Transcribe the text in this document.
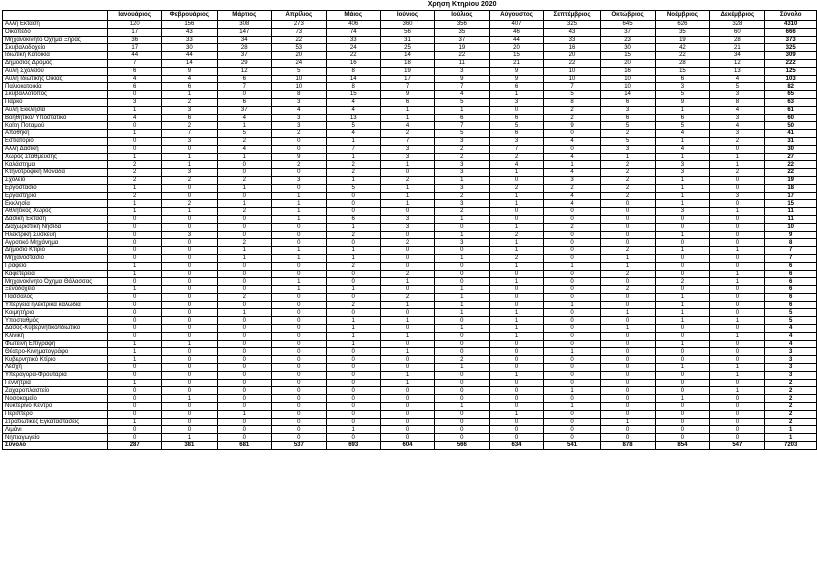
						Χρήση Κτηρίου 2020							
	Ιανουάριος	Φεβρουάριος	Μάρτιος	Απρίλιος	Μάιος	Ιούνιος	Ιούλιος	Αύγουστος	Σεπτέμβριος	Οκτώβριος	Νοέμβριος	Δεκέμβριος	Σύνολο
Άλλη Εκταση	120	156	308	273	406	360	356	407	325	645	626	328	4310
Οικόπεδο	17	43	147	73	74	56	35	46	43	37	35	60	666
Μηχανοκίνητο Όχημα Ξηράς	36	33	34	22	33	31	37	44	33	23	19	28	373
Σκυβαλοδοχείο	17	30	28	53	24	25	19	20	16	30	42	21	325
Ιδιωτική Κατοικία	44	44	37	20	22	14	22	15	20	15	22	34	309
Δημόσιος Δρόμος	7	14	29	24	16	18	11	21	22	20	28	12	222
Αυλή Σχολείου	6	9	12	5	8	19	3	9	10	16	15	13	125
Αυλή Ιδιωτικής Οικίας	4	4	6	10	14	17	9	9	10	10	6	4	103
Παλιοκατοικία	6	6	7	10	8	7	7	6	7	10	3	5	82
Σκυβαλλότοπος	0	1	0	8	15	9	4	1	5	14	5	3	65
Πάρκο	3	2	6	3	4	6	5	3	8	6	9	8	63
Αυλή Εκκλησία	1	3	37	4	4	1	1	0	2	3	1	4	61
Βοηθητικό/ Υποστατικό	4	6	4	3	13	1	6	6	2	6	6	3	60
Κοίτη Ποταμού	0	2	1	3	5	4	7	5	9	5	5	4	50
Αποθήκη	1	7	5	2	4	2	5	6	0	2	4	3	41
Εστιατόριο	0	3	2	0	1	7	3	3	4	5	1	2	31
Άλλη Δασική	0	0	4	0	7	3	2	7	0	3	4	0	30
Χώρος Στάθμευσης	1	1	1	9	1	3	2	2	4	1	1	1	27
Καλάστημα	2	1	0	2	2	1	3	4	1	2	3	1	22
Κτηνοτροφική Μονάδα	2	3	0	0	2	0	3	1	4	2	3	2	22
Σχολείο	2	2	2	3	1	2	1	0	3	2	1	0	19
Εργοστάσιο	1	0	1	0	5	1	3	2	2	2	1	0	18
Εργαστήριο	2	0	0	1	0	1	2	1	4	2	1	3	17
Εκκλησία	1	2	1	1	0	1	3	1	4	0	1	0	15
Αθλητικός Χώρος	1	1	2	1	0	0	2	0	0	0	3	1	11
Δασική Έκταση	0	0	0	1	6	3	1	0	0	0	0	0	11
Διαχωριστική Νησίδα	0	0	0	0	1	3	0	1	2	0	0	0	10
Ηλεκτρική Συσκευή	0	3	0	0	2	0	1	2	0	0	1	0	9
Αγροτικό Μηχάνημα	0	0	2	0	0	2	3	1	0	0	0	0	8
Δημόσιο Κτίριο	0	0	1	1	1	0	0	1	0	2	1	1	7
Μηχανοστάσιο	0	0	1	1	1	0	1	2	0	1	0	0	7
Γραφείο	1	0	0	0	2	0	0	1	1	1	0	0	6
Καφετέρεια	1	0	0	0	0	2	0	0	0	2	0	1	6
Μηχανοκίνητο Όχημα Θάλασσας	0	0	0	1	0	1	0	1	0	0	2	1	6
Ξενοδοχείο	1	0	0	1	1	0	1	0	0	2	0	0	6
Πάσσαλος	0	0	2	0	0	2	1	0	0	0	1	0	6
Υπέργεια ηλεκτρικά καλώδια	0	0	0	0	2	1	1	0	1	0	1	0	6
Κοιμητήριο	0	0	1	0	0	0	1	1	0	1	1	0	5
Υποσταθμός	0	0	0	0	1	1	0	1	0	0	1	1	5
Δάσος-Κυβερνητικό/Ιδιωτικό	0	0	0	0	1	0	1	1	0	1	0	0	4
Κλινική	0	0	0	0	1	1	0	1	0	0	0	1	4
Φωτεινή Επιγραφή	1	1	0	0	1	0	0	0	0	0	1	0	4
Θέατρο-Κινηματογράφο	1	0	0	0	0	1	0	0	1	0	0	0	3
Κυβερνητικό Κτίριο	1	0	0	0	0	0	2	0	0	0	0	0	3
Λέσχη	0	0	0	0	0	0	1	0	0	0	1	1	3
Υπεραγορά-Φρουταρία	0	0	0	0	0	1	0	1	0	0	0	1	3
Γεννήτρια	1	0	0	0	0	1	0	0	0	0	0	0	2
Ζαχαροπλαστείο	0	0	0	0	0	0	0	0	1	0	0	1	2
Νοσοκομείο	0	1	0	0	0	0	0	0	0	0	1	0	2
Νυκτερινό Κέντρο	0	0	0	0	0	0	1	0	1	0	0	0	2
Περίπτερο	0	0	1	0	0	0	0	1	0	0	0	0	2
Στρατιωτικές Εγκαταστάσεις	1	0	0	0	0	0	0	0	0	1	0	0	2
Λιμάνι	0	0	0	0	1	0	0	0	0	0	0	0	1
Νηπιαγωγείο	0	1	0	0	0	0	0	0	0	0	0	0	1
Σύνολο	287	381	681	537	693	604	566	634	541	878	854	547	7203
